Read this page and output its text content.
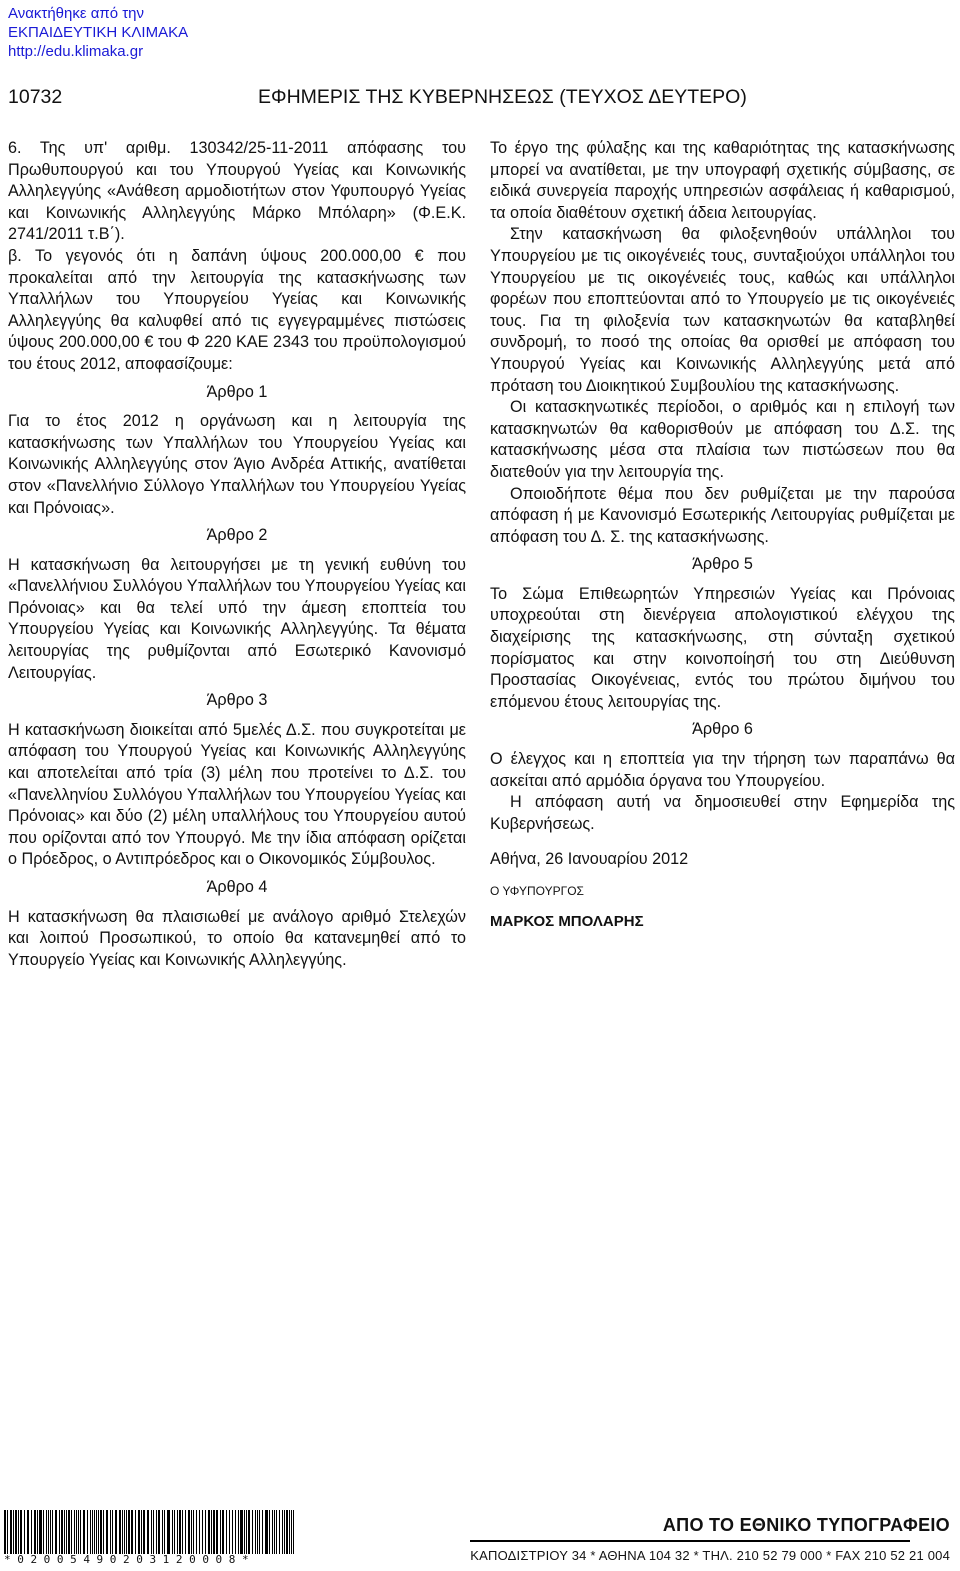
Ανακτήθηκε από την
ΕΚΠΑΙΔΕΥΤΙΚΗ ΚΛΙΜΑΚΑ
http://edu.klimaka.gr
10732	ΕΦΗΜΕΡΙΣ ΤΗΣ ΚΥΒΕΡΝΗΣΕΩΣ (ΤΕΥΧΟΣ ΔΕΥΤΕΡΟ)

6. Της υπ' αριθμ. 130342/25-11-2011 απόφασης του Πρωθυπουργού και του Υπουργού Υγείας και Κοινωνικής Αλληλεγγύης «Ανάθεση αρμοδιοτήτων στον Υφυπουργό Υγείας και Κοινωνικής Αλληλεγγύης Μάρκο Μπόλαρη» (Φ.Ε.Κ. 2741/2011 τ.Β΄).

β. Το γεγονός ότι η δαπάνη ύψους 200.000,00 € που προκαλείται από την λειτουργία της κατασκήνωσης των Υπαλλήλων του Υπουργείου Υγείας και Κοινωνικής Αλληλεγγύης θα καλυφθεί από τις εγγεγραμμένες πιστώσεις ύψους 200.000,00 € του Φ 220 ΚΑΕ 2343 του προϋπολογισμού του έτους 2012, αποφασίζουμε:

Άρθρο 1

Για το έτος 2012 η οργάνωση και η λειτουργία της κατασκήνωσης των Υπαλλήλων του Υπουργείου Υγείας και Κοινωνικής Αλληλεγγύης στον Άγιο Ανδρέα Αττικής, ανατίθεται στον «Πανελλήνιο Σύλλογο Υπαλλήλων του Υπουργείου Υγείας και Πρόνοιας».

Άρθρο 2

Η κατασκήνωση θα λειτουργήσει με τη γενική ευθύνη του «Πανελλήνιου Συλλόγου Υπαλλήλων του Υπουργείου Υγείας και Πρόνοιας» και θα τελεί υπό την άμεση εποπτεία του Υπουργείου Υγείας και Κοινωνικής Αλληλεγγύης. Τα θέματα λειτουργίας της ρυθμίζονται από Εσωτερικό Κανονισμό Λειτουργίας.

Άρθρο 3

Η κατασκήνωση διοικείται από 5μελές Δ.Σ. που συγκροτείται με απόφαση του Υπουργού Υγείας και Κοινωνικής Αλληλεγγύης και αποτελείται από τρία (3) μέλη που προτείνει το Δ.Σ. του «Πανελληνίου Συλλόγου Υπαλλήλων του Υπουργείου Υγείας και Πρόνοιας» και δύο (2) μέλη υπαλλήλους του Υπουργείου αυτού που ορίζονται από τον Υπουργό. Με την ίδια απόφαση ορίζεται ο Πρόεδρος, ο Αντιπρόεδρος και ο Οικονομικός Σύμβουλος.

Άρθρο 4

Η κατασκήνωση θα πλαισιωθεί με ανάλογο αριθμό Στελεχών και λοιπού Προσωπικού, το οποίο θα κατανεμηθεί από το Υπουργείο Υγείας και Κοινωνικής Αλληλεγγύης.

Το έργο της φύλαξης και της καθαριότητας της κατασκήνωσης μπορεί να ανατίθεται, με την υπογραφή σχετικής σύμβασης, σε ειδικά συνεργεία παροχής υπηρεσιών ασφάλειας ή καθαρισμού, τα οποία διαθέτουν σχετική άδεια λειτουργίας.

Στην κατασκήνωση θα φιλοξενηθούν υπάλληλοι του Υπουργείου με τις οικογένειές τους, συνταξιούχοι υπάλληλοι του Υπουργείου με τις οικογένειές τους, καθώς και υπάλληλοι φορέων που εποπτεύονται από το Υπουργείο με τις οικογένειές τους. Για τη φιλοξενία των κατασκηνωτών θα καταβληθεί συνδρομή, το ποσό της οποίας θα ορισθεί με απόφαση του Υπουργού Υγείας και Κοινωνικής Αλληλεγγύης μετά από πρόταση του Διοικητικού Συμβουλίου της κατασκήνωσης.

Οι κατασκηνωτικές περίοδοι, ο αριθμός και η επιλογή των κατασκηνωτών θα καθορισθούν με απόφαση του Δ.Σ. της κατασκήνωσης μέσα στα πλαίσια των πιστώσεων που θα διατεθούν για την λειτουργία της.

Οποιοδήποτε θέμα που δεν ρυθμίζεται με την παρούσα απόφαση ή με Κανονισμό Εσωτερικής Λειτουργίας ρυθμίζεται με απόφαση του Δ. Σ. της κατασκήνωσης.

Άρθρο 5

Το Σώμα Επιθεωρητών Υπηρεσιών Υγείας και Πρόνοιας υποχρεούται στη διενέργεια απολογιστικού ελέγχου της διαχείρισης της κατασκήνωσης, στη σύνταξη σχετικού πορίσματος και στην κοινοποίησή του στη Διεύθυνση Προστασίας Οικογένειας, εντός του πρώτου διμήνου του επόμενου έτους λειτουργίας της.

Άρθρο 6

Ο έλεγχος και η εποπτεία για την τήρηση των παραπάνω θα ασκείται από αρμόδια όργανα του Υπουργείου.

Η απόφαση αυτή να δημοσιευθεί στην Εφημερίδα της Κυβερνήσεως.

Αθήνα, 26 Ιανουαρίου 2012

Ο ΥΦΥΠΟΥΡΓΟΣ

ΜΑΡΚΟΣ ΜΠΟΛΑΡΗΣ

*02005490203120008*
ΑΠΟ ΤΟ ΕΘΝΙΚΟ ΤΥΠΟΓΡΑΦΕΙΟ
ΚΑΠΟΔΙΣΤΡΙΟΥ 34 * ΑΘΗΝΑ 104 32 * ΤΗΛ. 210 52 79 000 * FAX 210 52 21 004
